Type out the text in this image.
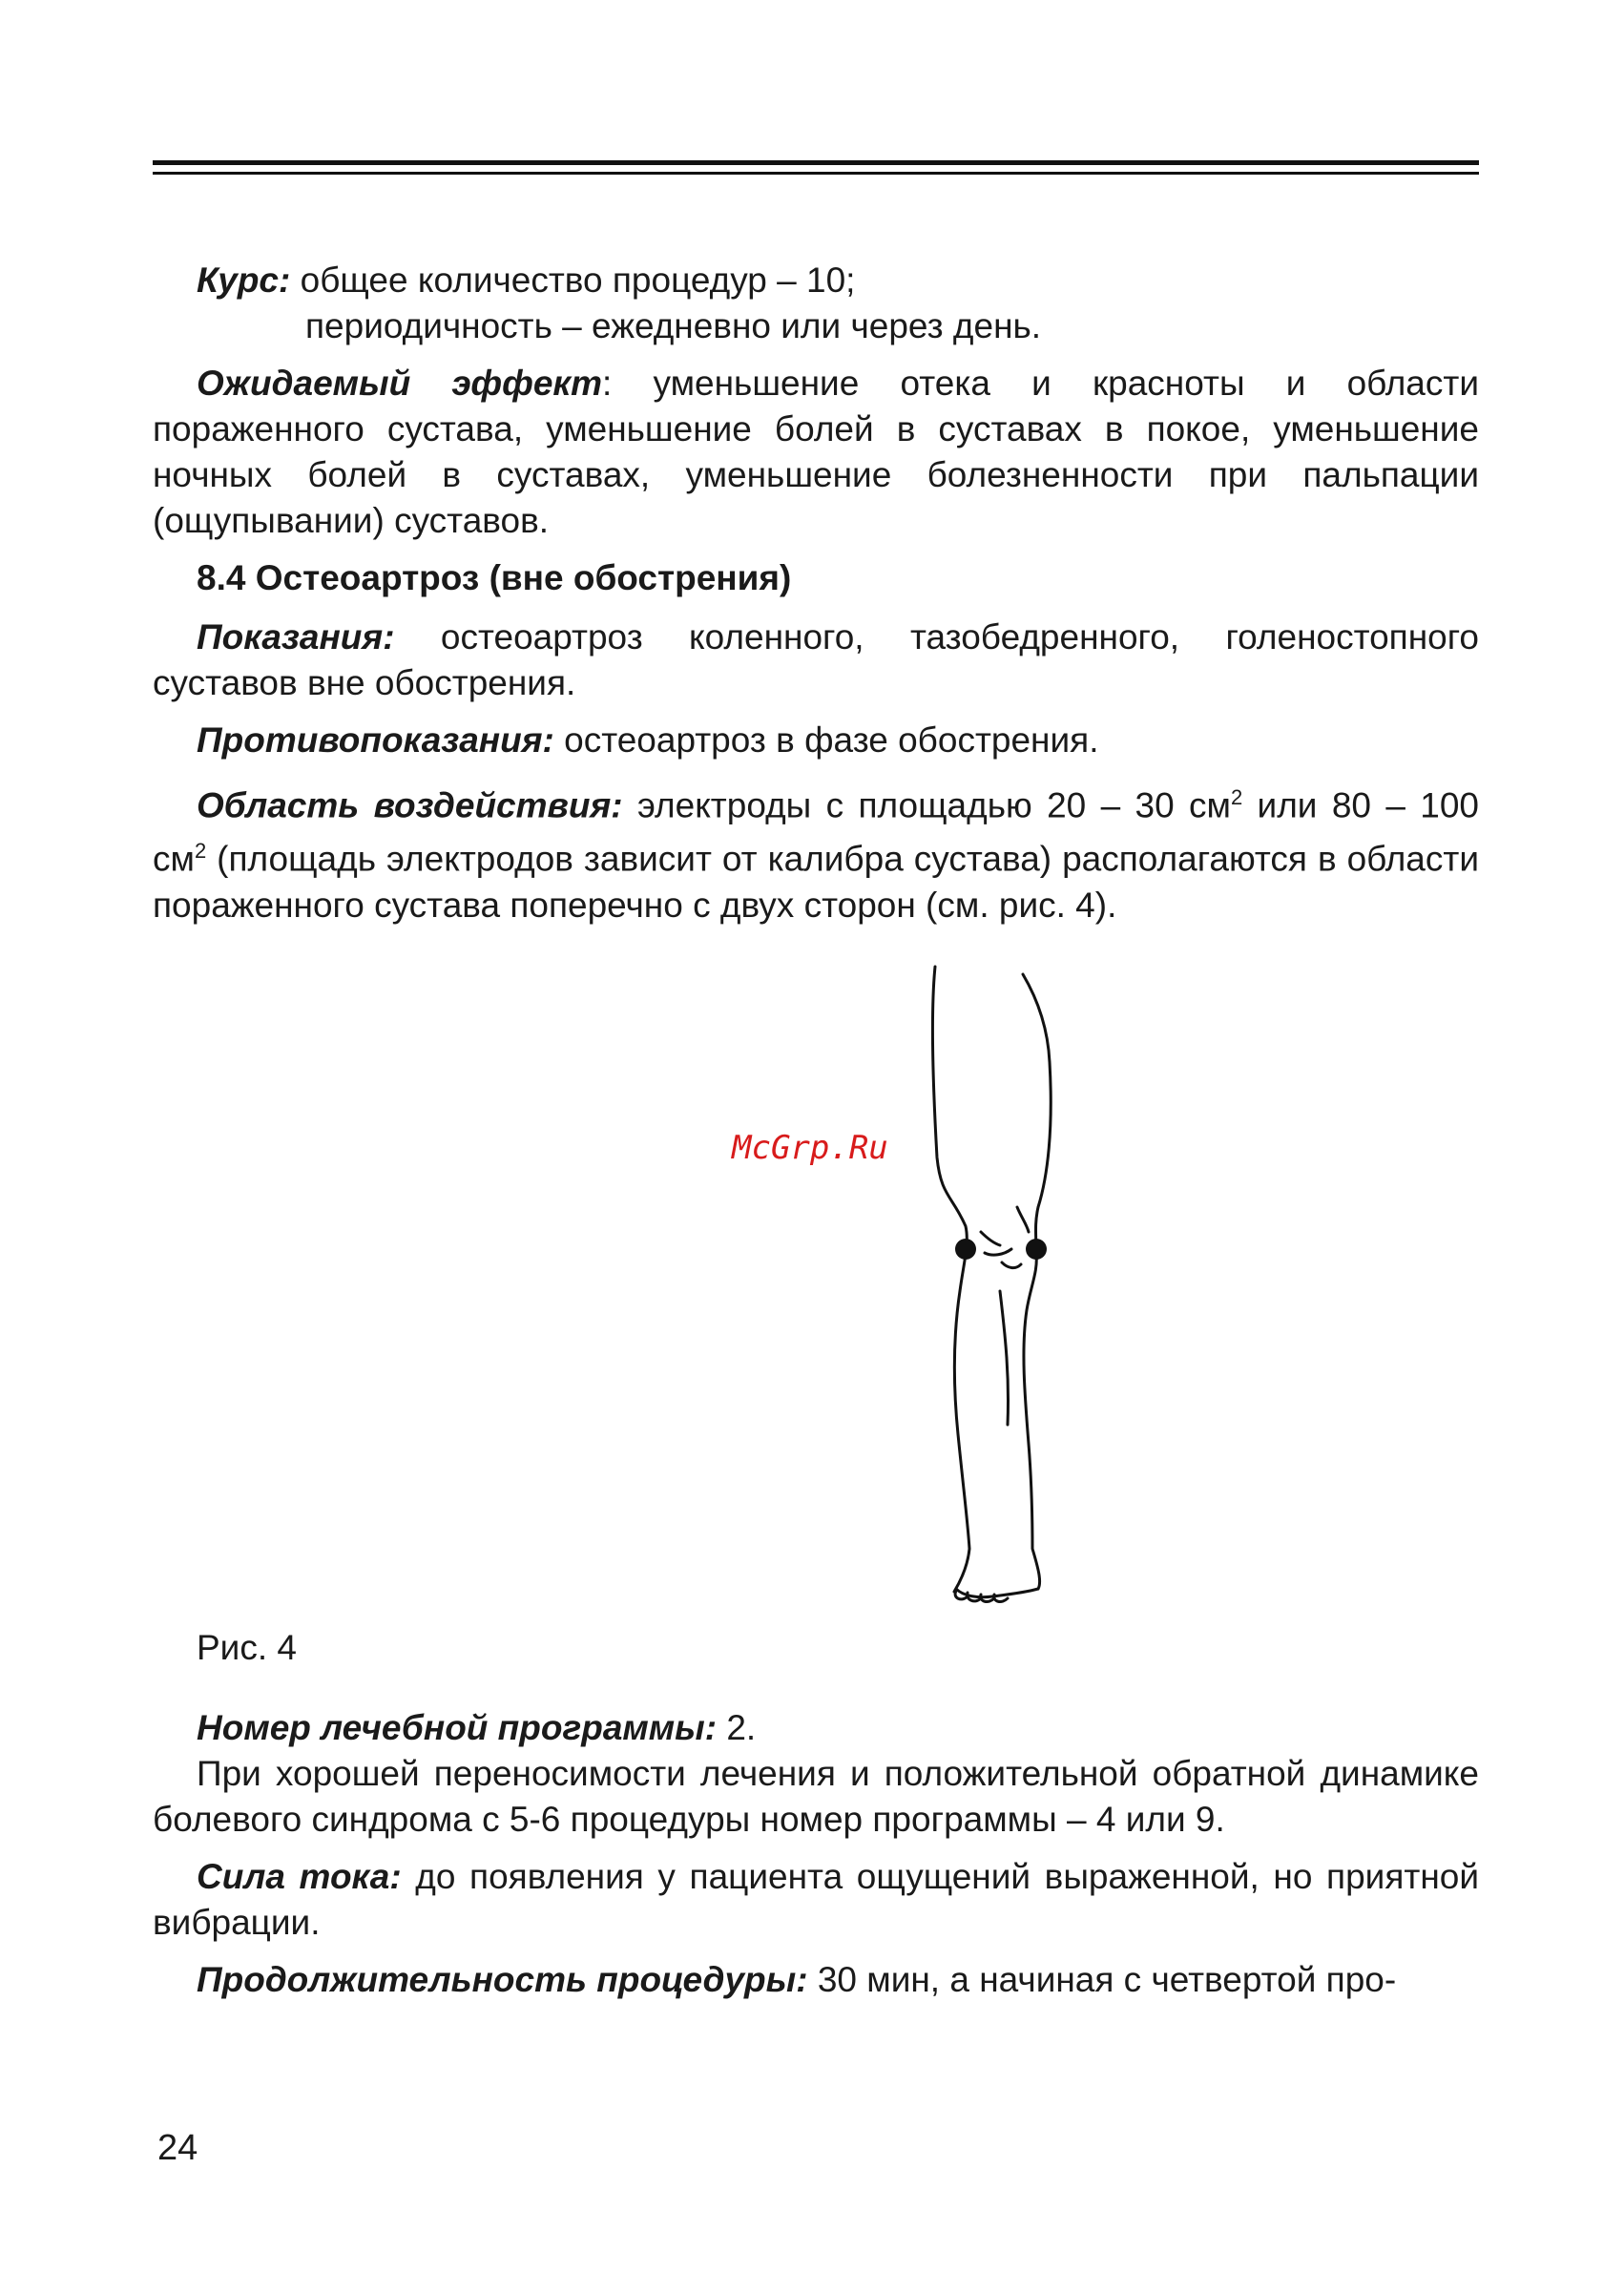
Курс: общее количество процедур – 10;

периодичность – ежедневно или через день.

Ожидаемый эффект: уменьшение отека и красноты и области пораженного сустава, уменьшение болей в суставах в покое, уменьшение ночных болей в суставах, уменьшение болезненности при пальпации (ощупывании) суставов.

8.4 Остеоартроз (вне обострения)

Показания: остеоартроз коленного, тазобедренного, голеностопного суставов вне обострения.

Противопоказания: остеоартроз в фазе обострения.

Область воздействия: электроды с площадью 20 – 30 $см^2$ или 80 – 100 $см^2$ (площадь электродов зависит от калибра сустава) располагаются в области пораженного сустава поперечно с двух сторон (см. рис. 4).

Рис. 4

Номер лечебной программы: 2.

При хорошей переносимости лечения и положительной обратной динамике болевого синдрома с 5-6 процедуры номер программы – 4 или 9.

Сила тока: до появления у пациента ощущений выраженной, но приятной вибрации.

Продолжительность процедуры: 30 мин, а начиная с четвертой про-

McGrp.Ru
24
